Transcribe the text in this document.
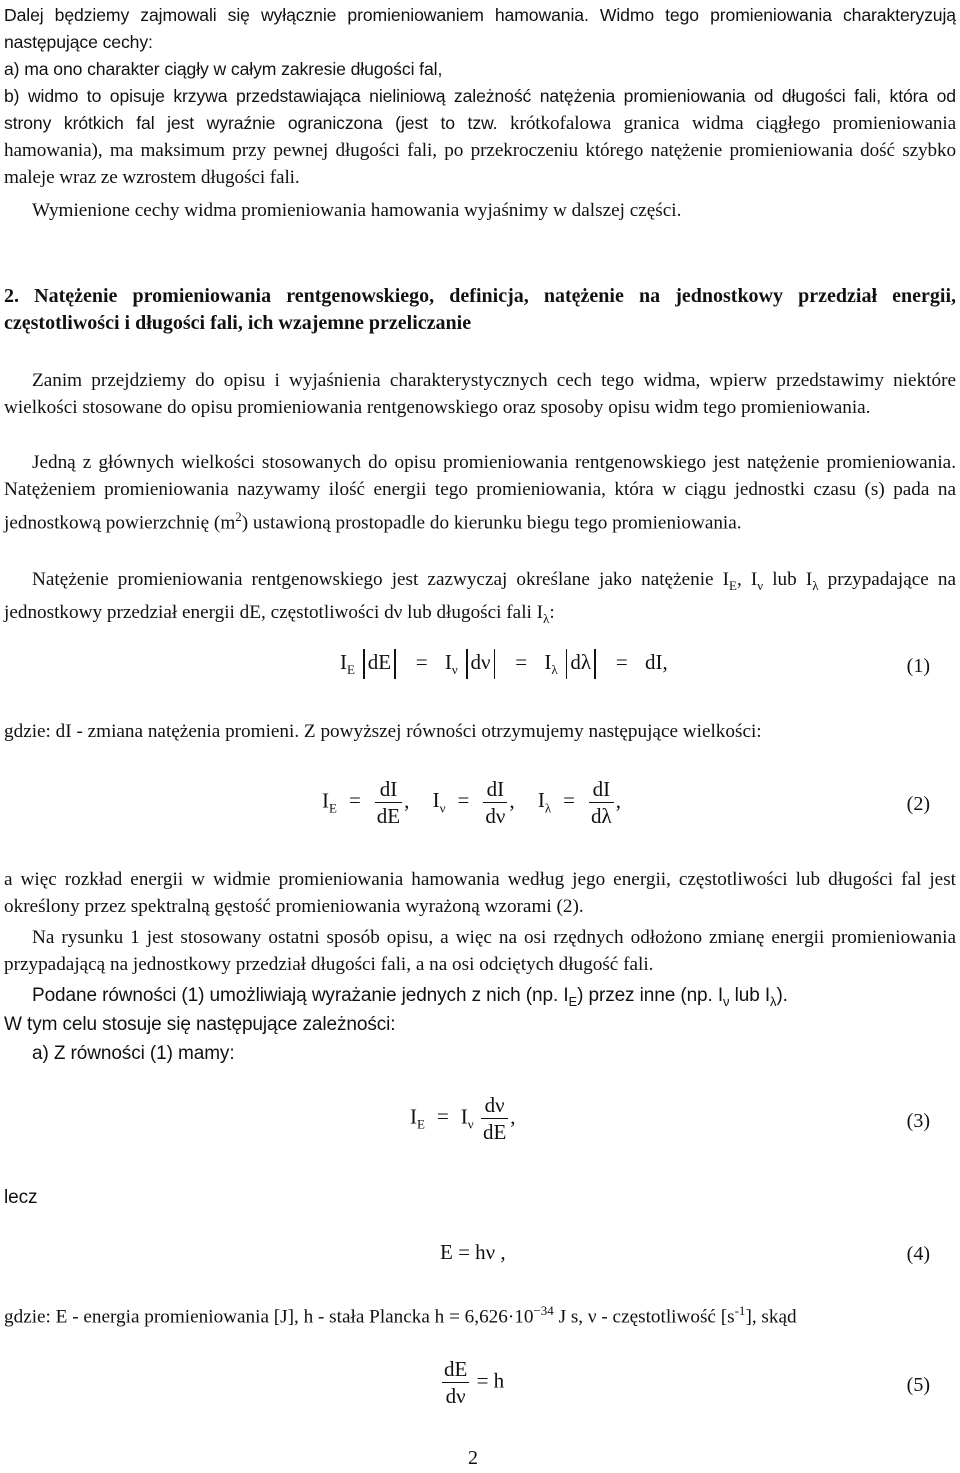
Dalej będziemy zajmowali się wyłącznie promieniowaniem hamowania. Widmo tego promieniowania charakteryzują następujące cechy:
a) ma ono charakter ciągły w całym zakresie długości fal,
b) widmo to opisuje krzywa przedstawiająca nieliniową zależność natężenia promieniowania od długości fali, która od strony krótkich fal jest wyraźnie ograniczona (jest to tzw. krótkofalowa granica widma ciągłego promieniowania hamowania), ma maksimum przy pewnej długości fali, po przekroczeniu którego natężenie promieniowania dość szybko maleje wraz ze wzrostem długości fali.
Wymienione cechy widma promieniowania hamowania wyjaśnimy w dalszej części.
2. Natężenie promieniowania rentgenowskiego, definicja, natężenie na jednostkowy przedział energii, częstotliwości i długości fali, ich wzajemne przeliczanie
Zanim przejdziemy do opisu i wyjaśnienia charakterystycznych cech tego widma, wpierw przedstawimy niektóre wielkości stosowane do opisu promieniowania rentgenowskiego oraz sposoby opisu widm tego promieniowania.
Jedną z głównych wielkości stosowanych do opisu promieniowania rentgenowskiego jest natężenie promieniowania. Natężeniem promieniowania nazywamy ilość energii tego promieniowania, która w ciągu jednostki czasu (s) pada na jednostkową powierzchnię $(m^2)$ ustawioną prostopadle do kierunku biegu tego promieniowania.
Natężenie promieniowania rentgenowskiego jest zazwyczaj określane jako natężenie $I_E$, $I_\nu$ lub $I_\lambda$ przypadające na jednostkowy przedział energii dE, częstotliwości dν lub długości fali $I_\lambda$:
$I_E$ dE = $I_\nu$ $d\nu = I_\lambda$ dλ = dI,	(1)
gdzie: dI - zmiana natężenia promieni. Z powyższej równości otrzymujemy następujące wielkości:
$I_E = \frac{dI}{dE}$ , $I_\nu = \frac{dI}{d\nu}$ , $I_\lambda = \frac{dI}{d\lambda}$ ,	(2)
a więc rozkład energii w widmie promieniowania hamowania według jego energii, częstotliwości lub długości fal jest określony przez spektralną gęstość promieniowania wyrażoną wzorami (2).
Na rysunku 1 jest stosowany ostatni sposób opisu, a więc na osi rzędnych odłożono zmianę energii promieniowania przypadającą na jednostkowy przedział długości fali, a na osi odciętych długość fali.
Podane równości (1) umożliwiają wyrażanie jednych z nich (np. $I_E$) przez inne (np. $I_\nu$ lub $I_\lambda$).
W tym celu stosuje się następujące zależności:
a) Z równości (1) mamy:
$I_E = I_\nu \frac{d\nu}{dE}$ ,	(3)
lecz
E = hν ,	(4)
gdzie: E - energia promieniowania [J], h - stała Plancka $h = 6,626\cdot 10^{-34}$ J s, ν - częstotliwość $[s^{-1}]$, skąd
$\frac{dE}{d\nu} = h$	(5)
2
